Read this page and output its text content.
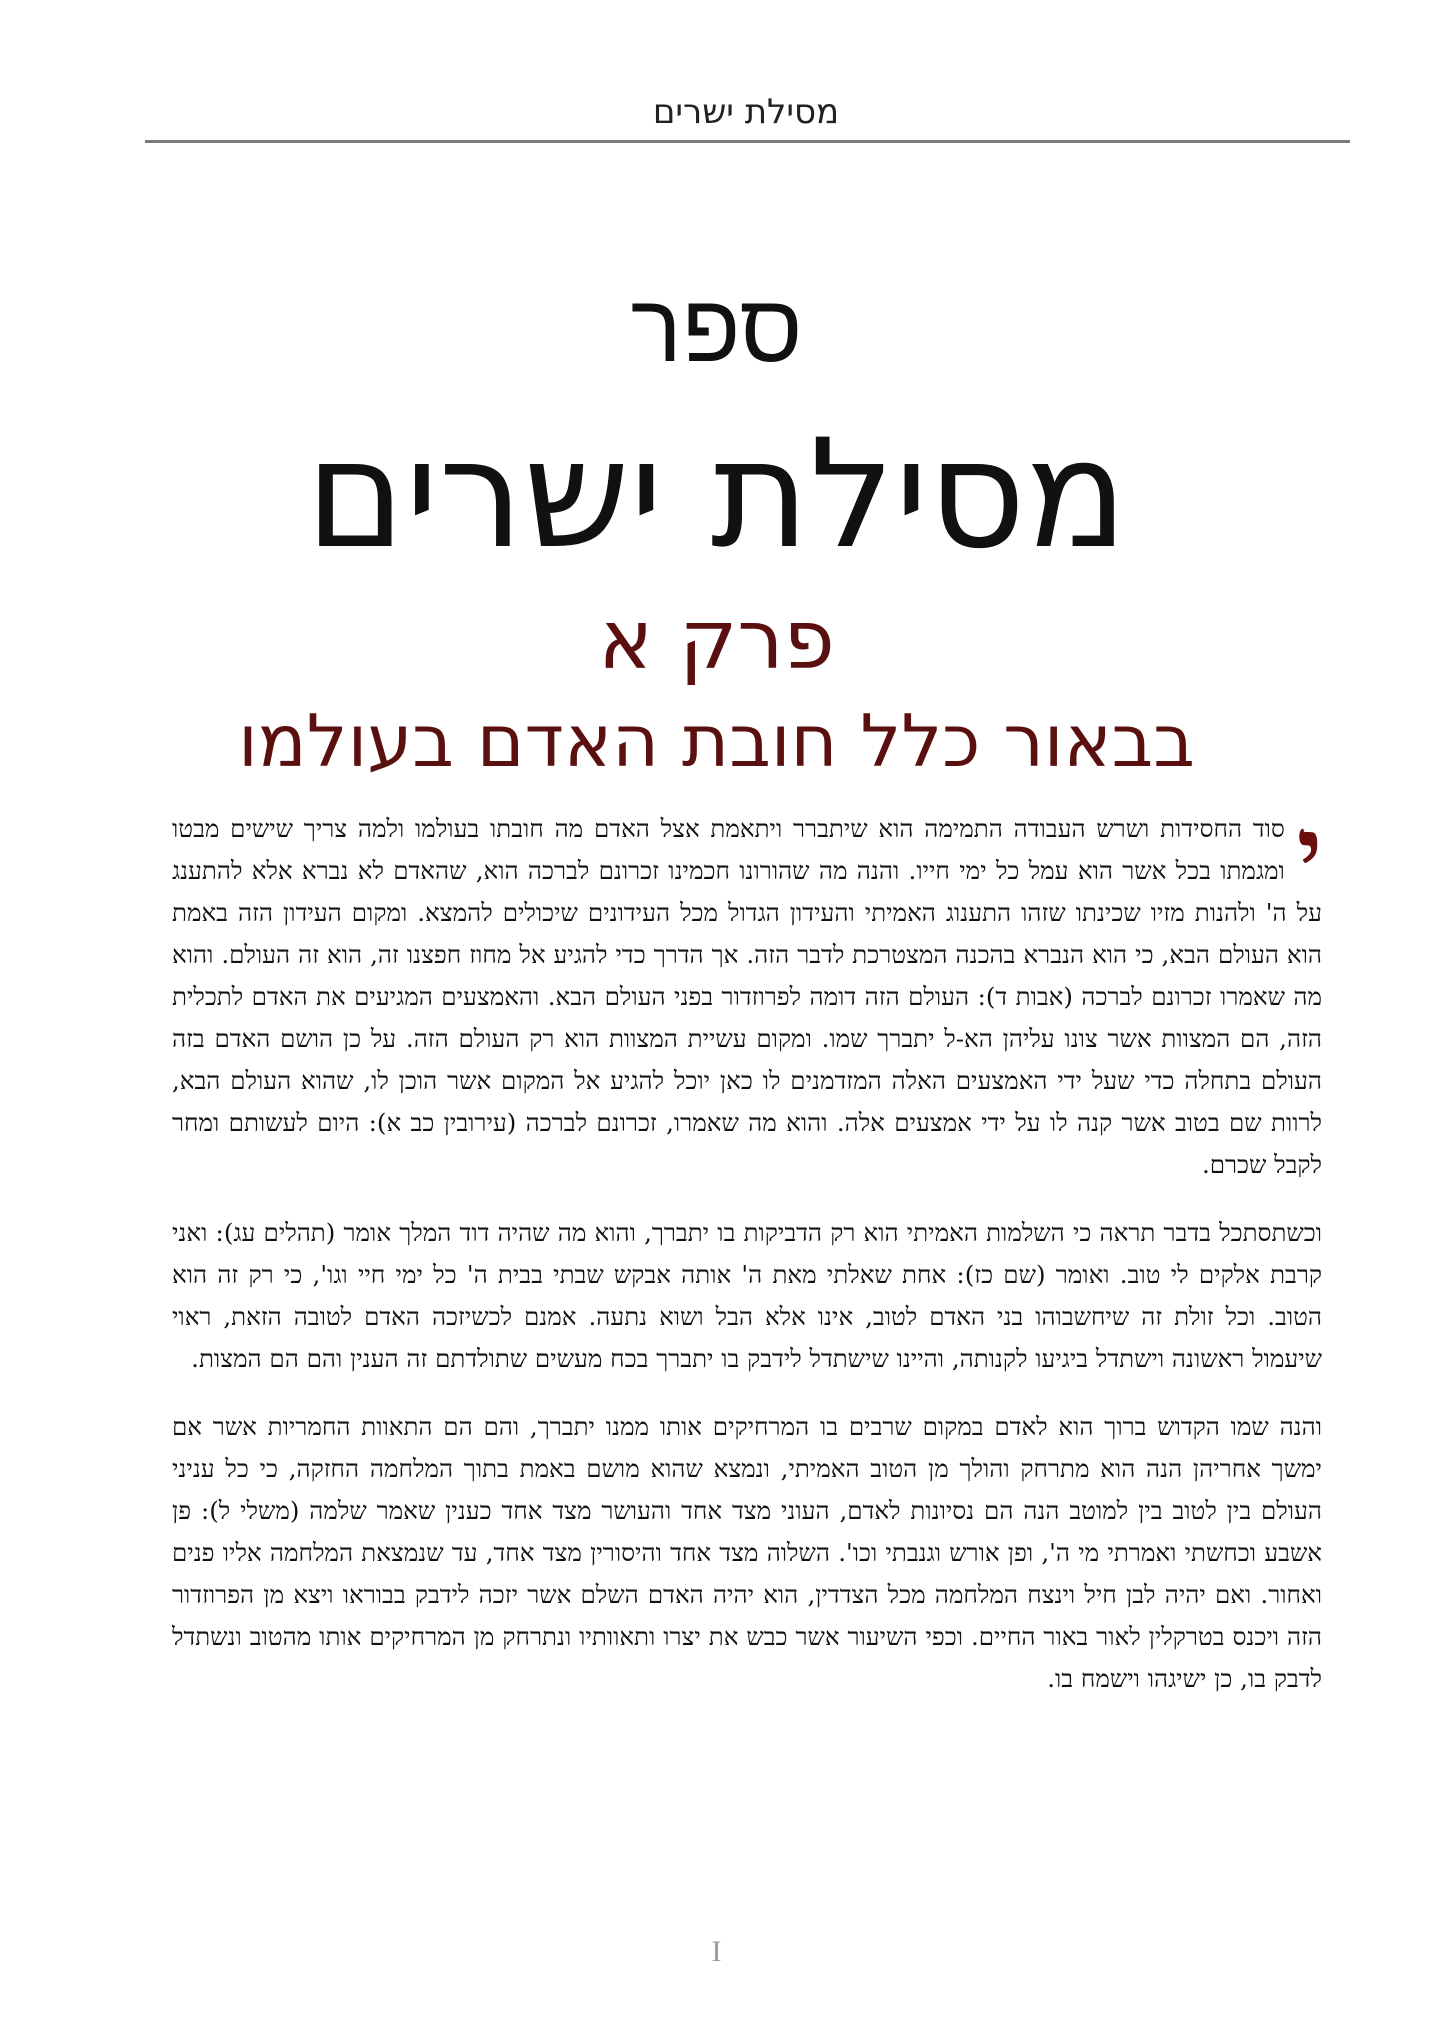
מסילת ישרים
ספר
מסילת ישרים
פרק א
בבאור כלל חובת האדם בעולמו

י
סוד החסידות ושרש העבודה התמימה הוא שיתברר ויתאמת אצל האדם מה חובתו בעולמו ולמה צריך שישים מבטו ומגמתו בכל אשר הוא עמל כל ימי חייו. והנה מה שהורונו חכמינו זכרונם לברכה הוא, שהאדם לא נברא אלא להתענג על ה' ולהנות מזיו שכינתו שזהו התענוג האמיתי והעידון הגדול מכל העידונים שיכולים להמצא. ומקום העידון הזה באמת הוא העולם הבא, כי הוא הנברא בהכנה המצטרכת לדבר הזה. אך הדרך כדי להגיע אל מחוז חפצנו זה, הוא זה העולם. והוא מה שאמרו זכרונם לברכה (אבות ד): העולם הזה דומה לפרוזדור בפני העולם הבא. והאמצעים המגיעים את האדם לתכלית הזה, הם המצוות אשר צונו עליהן הא-ל יתברך שמו. ומקום עשיית המצוות הוא רק העולם הזה. על כן הושם האדם בזה העולם בתחלה כדי שעל ידי האמצעים האלה המזדמנים לו כאן יוכל להגיע אל המקום אשר הוכן לו, שהוא העולם הבא, לרוות שם בטוב אשר קנה לו על ידי אמצעים אלה. והוא מה שאמרו, זכרונם לברכה (עירובין כב א): היום לעשותם ומחר לקבל שכרם.

וכשתסתכל בדבר תראה כי השלמות האמיתי הוא רק הדביקות בו יתברך, והוא מה שהיה דוד המלך אומר (תהלים עג): ואני קרבת אלקים לי טוב. ואומר (שם כז): אחת שאלתי מאת ה' אותה אבקש שבתי בבית ה' כל ימי חיי וגו', כי רק זה הוא הטוב. וכל זולת זה שיחשבוהו בני האדם לטוב, אינו אלא הבל ושוא נתעה. אמנם לכשיזכה האדם לטובה הזאת, ראוי שיעמול ראשונה וישתדל ביגיעו לקנותה, והיינו שישתדל לידבק בו יתברך בכח מעשים שתולדתם זה הענין והם הם המצות.

והנה שמו הקדוש ברוך הוא לאדם במקום שרבים בו המרחיקים אותו ממנו יתברך, והם הם התאוות החמריות אשר אם ימשך אחריהן הנה הוא מתרחק והולך מן הטוב האמיתי, ונמצא שהוא מושם באמת בתוך המלחמה החזקה, כי כל עניני העולם בין לטוב בין למוטב הנה הם נסיונות לאדם, העוני מצד אחד והעושר מצד אחד כענין שאמר שלמה (משלי ל): פן אשבע וכחשתי ואמרתי מי ה', ופן אורש וגנבתי וכו'. השלוה מצד אחד והיסורין מצד אחד, עד שנמצאת המלחמה אליו פנים ואחור. ואם יהיה לבן חיל וינצח המלחמה מכל הצדדין, הוא יהיה האדם השלם אשר יזכה לידבק בבוראו ויצא מן הפרוזדור הזה ויכנס בטרקלין לאור באור החיים. וכפי השיעור אשר כבש את יצרו ותאוותיו ונתרחק מן המרחיקים אותו מהטוב ונשתדל לדבק בו, כן ישיגהו וישמח בו.

I
